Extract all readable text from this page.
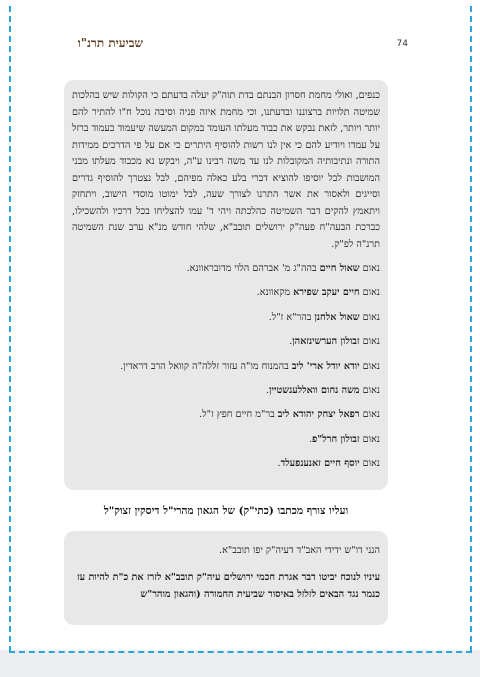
שביעית תרנ"ו	74

כנפים, ואולי מחמת חסרון הבנתם בדת תוה"ק יעלה בדעתם כי הקולות שיש בהלכות שמיטה תלויות ברצוננו ובדעתנו, וכי מחמת איזה פניה וסיבה נוכל ח"ו להתיר להם יותר ויותר, לזאת נבקש את כבוד מעלתו העומד במקום המעשה שיעמוד כעמוד ברזל על עמדו ויודיע להם כי אין לנו רשות להוסיף היתרים כי אם על פי הדרכים ממידות התורה ונתיבותיה המקובלות לנו עד משה רבינו ע"ה, ויבקש נא מכבוד מעלתו מבני המושבות לבל יוסיפו להוציא דברי בלע כאלה מפיהם, לבל נצטרך להוסיף גדרים וסייגים ולאסור את אשר התרנו לצורך שעה, לבל ימוטו מוסדי הישוב, ויתחזק ויתאמץ להקים דבר השמיטה כהלכתה ויהי ד' עמו להצליחו בכל דרכיו ולהשכילו, כברכת הבעה"ח פעה"ק ירושלים תובב"א, שלהי חודש מנ"א ערב שנת השמיטה תרנ"ה לפ"ק.

נאום שאול חיים בהה"ג מ' אברהם הלוי מדובראוונא.
נאום חיים יעקב שפירא מקאוונא.
נאום שאול אלחנן בהר"א ז"ל.
נאום זבולון הערשינזאהן.
נאום יודא יודל ארי' ליב בהמנוח מו"ה עזור זללה"ה קוואל הרב דראדין.
נאום משה נחום וואללענשטיין.
נאום רפאל יצחק יהודא ליב בר"מ חיים חפץ ז"ל.
נאום זבולון חרל"פ.
נאום יוסף חיים זאנענפעלד.
ועליו צורף מכתבו (כתי"ק) של הגאון מהרי"ל דיסקין זצוק"ל

הנני דו"ש ידידי האב"ד דעיה"ק יפו תובב"א.

עיניו לנוכח יביטו דבר אגרת חכמי ירושלים עיה"ק תובב"א לזרז את כ"ת להיות עז כנמר נגד הבאים לזלזל באיסור שביעית החמורה (והגאון מוהר"ש
